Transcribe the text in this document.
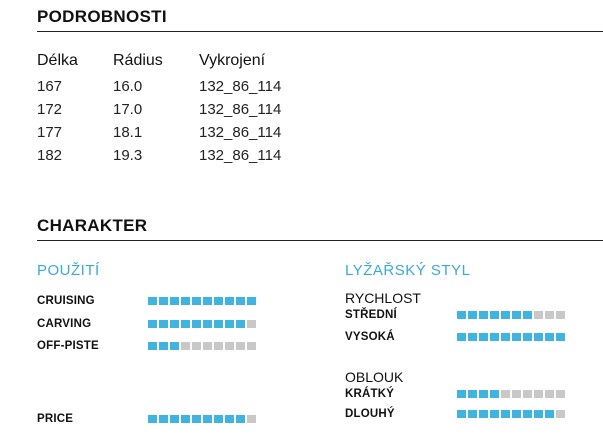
PODROBNOSTI
Délka Rádius Vykrojení
167	16.0	132_86_114
172	17.0	132_86_114
177	18.1	132_86_114
182	19.3	132_86_114
CHARAKTER
POUŽITÍ
CRUISING
CARVING
OFF-PISTE
PRICE
LYŽAŘSKÝ STYL
RYCHLOST
STŘEDNÍ
VYSOKÁ
OBLOUK
KRÁTKÝ
DLOUHÝ
